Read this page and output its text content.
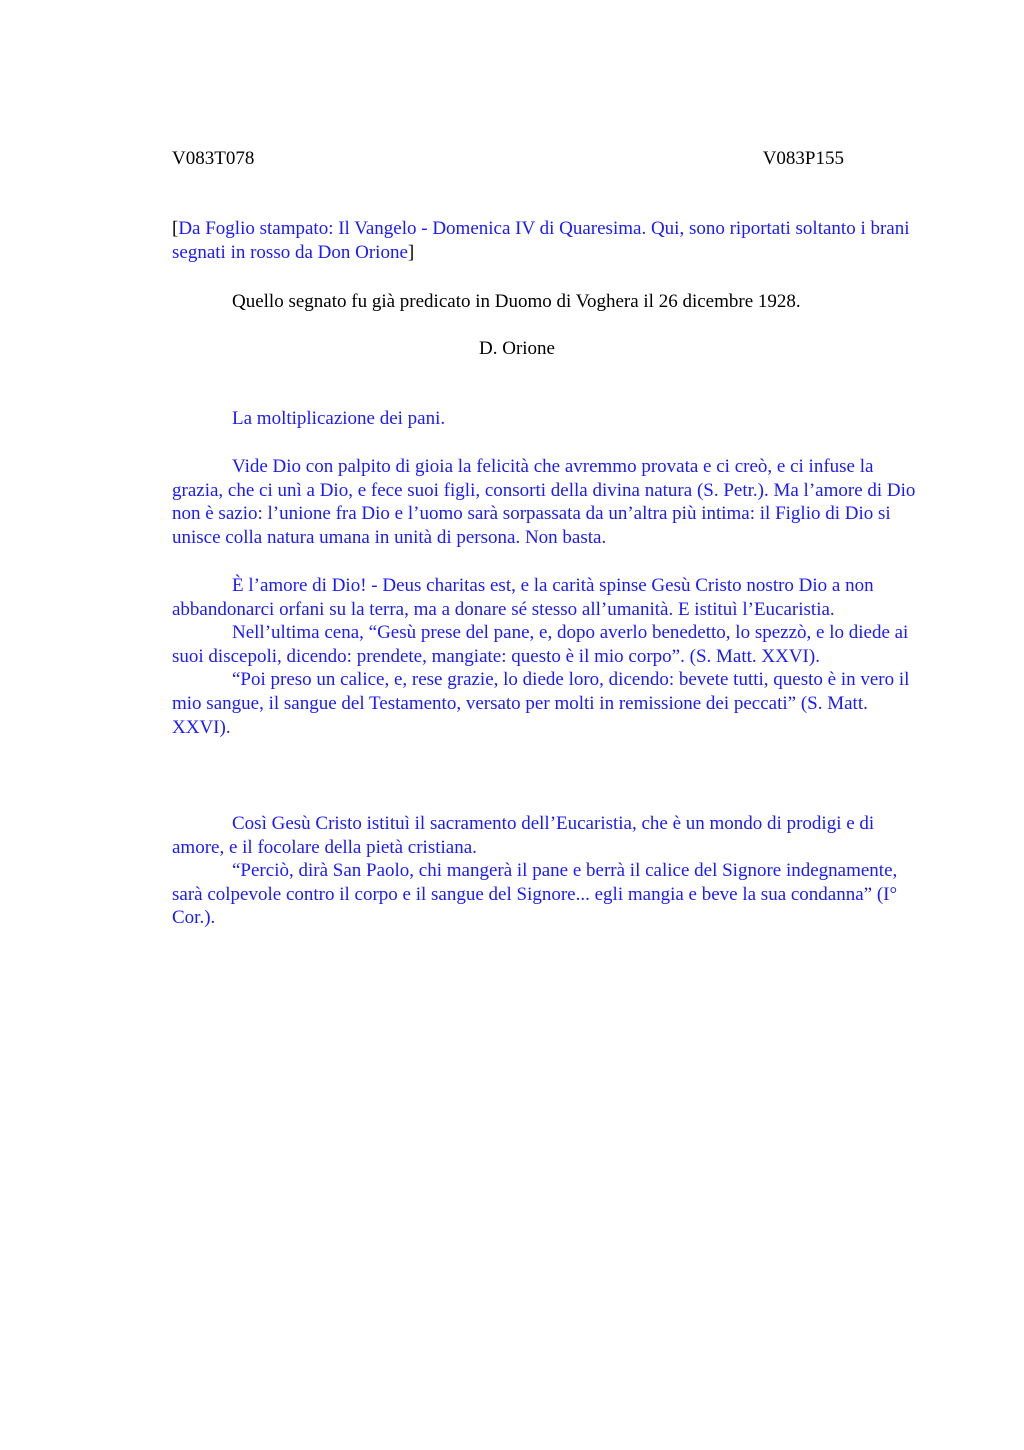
V083T078	V083P155
[Da Foglio stampato: Il Vangelo - Domenica IV di Quaresima. Qui, sono riportati soltanto i brani segnati in rosso da Don Orione]
Quello segnato fu già predicato in Duomo di Voghera il 26 dicembre 1928.
D. Orione
La moltiplicazione dei pani.

Vide Dio con palpito di gioia la felicità che avremmo provata e ci creò, e ci infuse la grazia, che ci unì a Dio, e fece suoi figli, consorti della divina natura (S. Petr.). Ma l’amore di Dio non è sazio: l’unione fra Dio e l’uomo sarà sorpassata da un’altra più intima: il Figlio di Dio si unisce colla natura umana in unità di persona. Non basta.

È l’amore di Dio! - Deus charitas est, e la carità spinse Gesù Cristo nostro Dio a non abbandonarci orfani su la terra, ma a donare sé stesso all’umanità. E istituì l’Eucaristia.

Nell’ultima cena, “Gesù prese del pane, e, dopo averlo benedetto, lo spezzò, e lo diede ai suoi discepoli, dicendo: prendete, mangiate: questo è il mio corpo”. (S. Matt. XXVI).

“Poi preso un calice, e, rese grazie, lo diede loro, dicendo: bevete tutti, questo è in vero il mio sangue, il sangue del Testamento, versato per molti in remissione dei peccati” (S. Matt. XXVI).

Così Gesù Cristo istituì il sacramento dell’Eucaristia, che è un mondo di prodigi e di amore, e il focolare della pietà cristiana.

“Perciò, dirà San Paolo, chi mangerà il pane e berrà il calice del Signore indegnamente, sarà colpevole contro il corpo e il sangue del Signore... egli mangia e beve la sua condanna” (I° Cor.).
